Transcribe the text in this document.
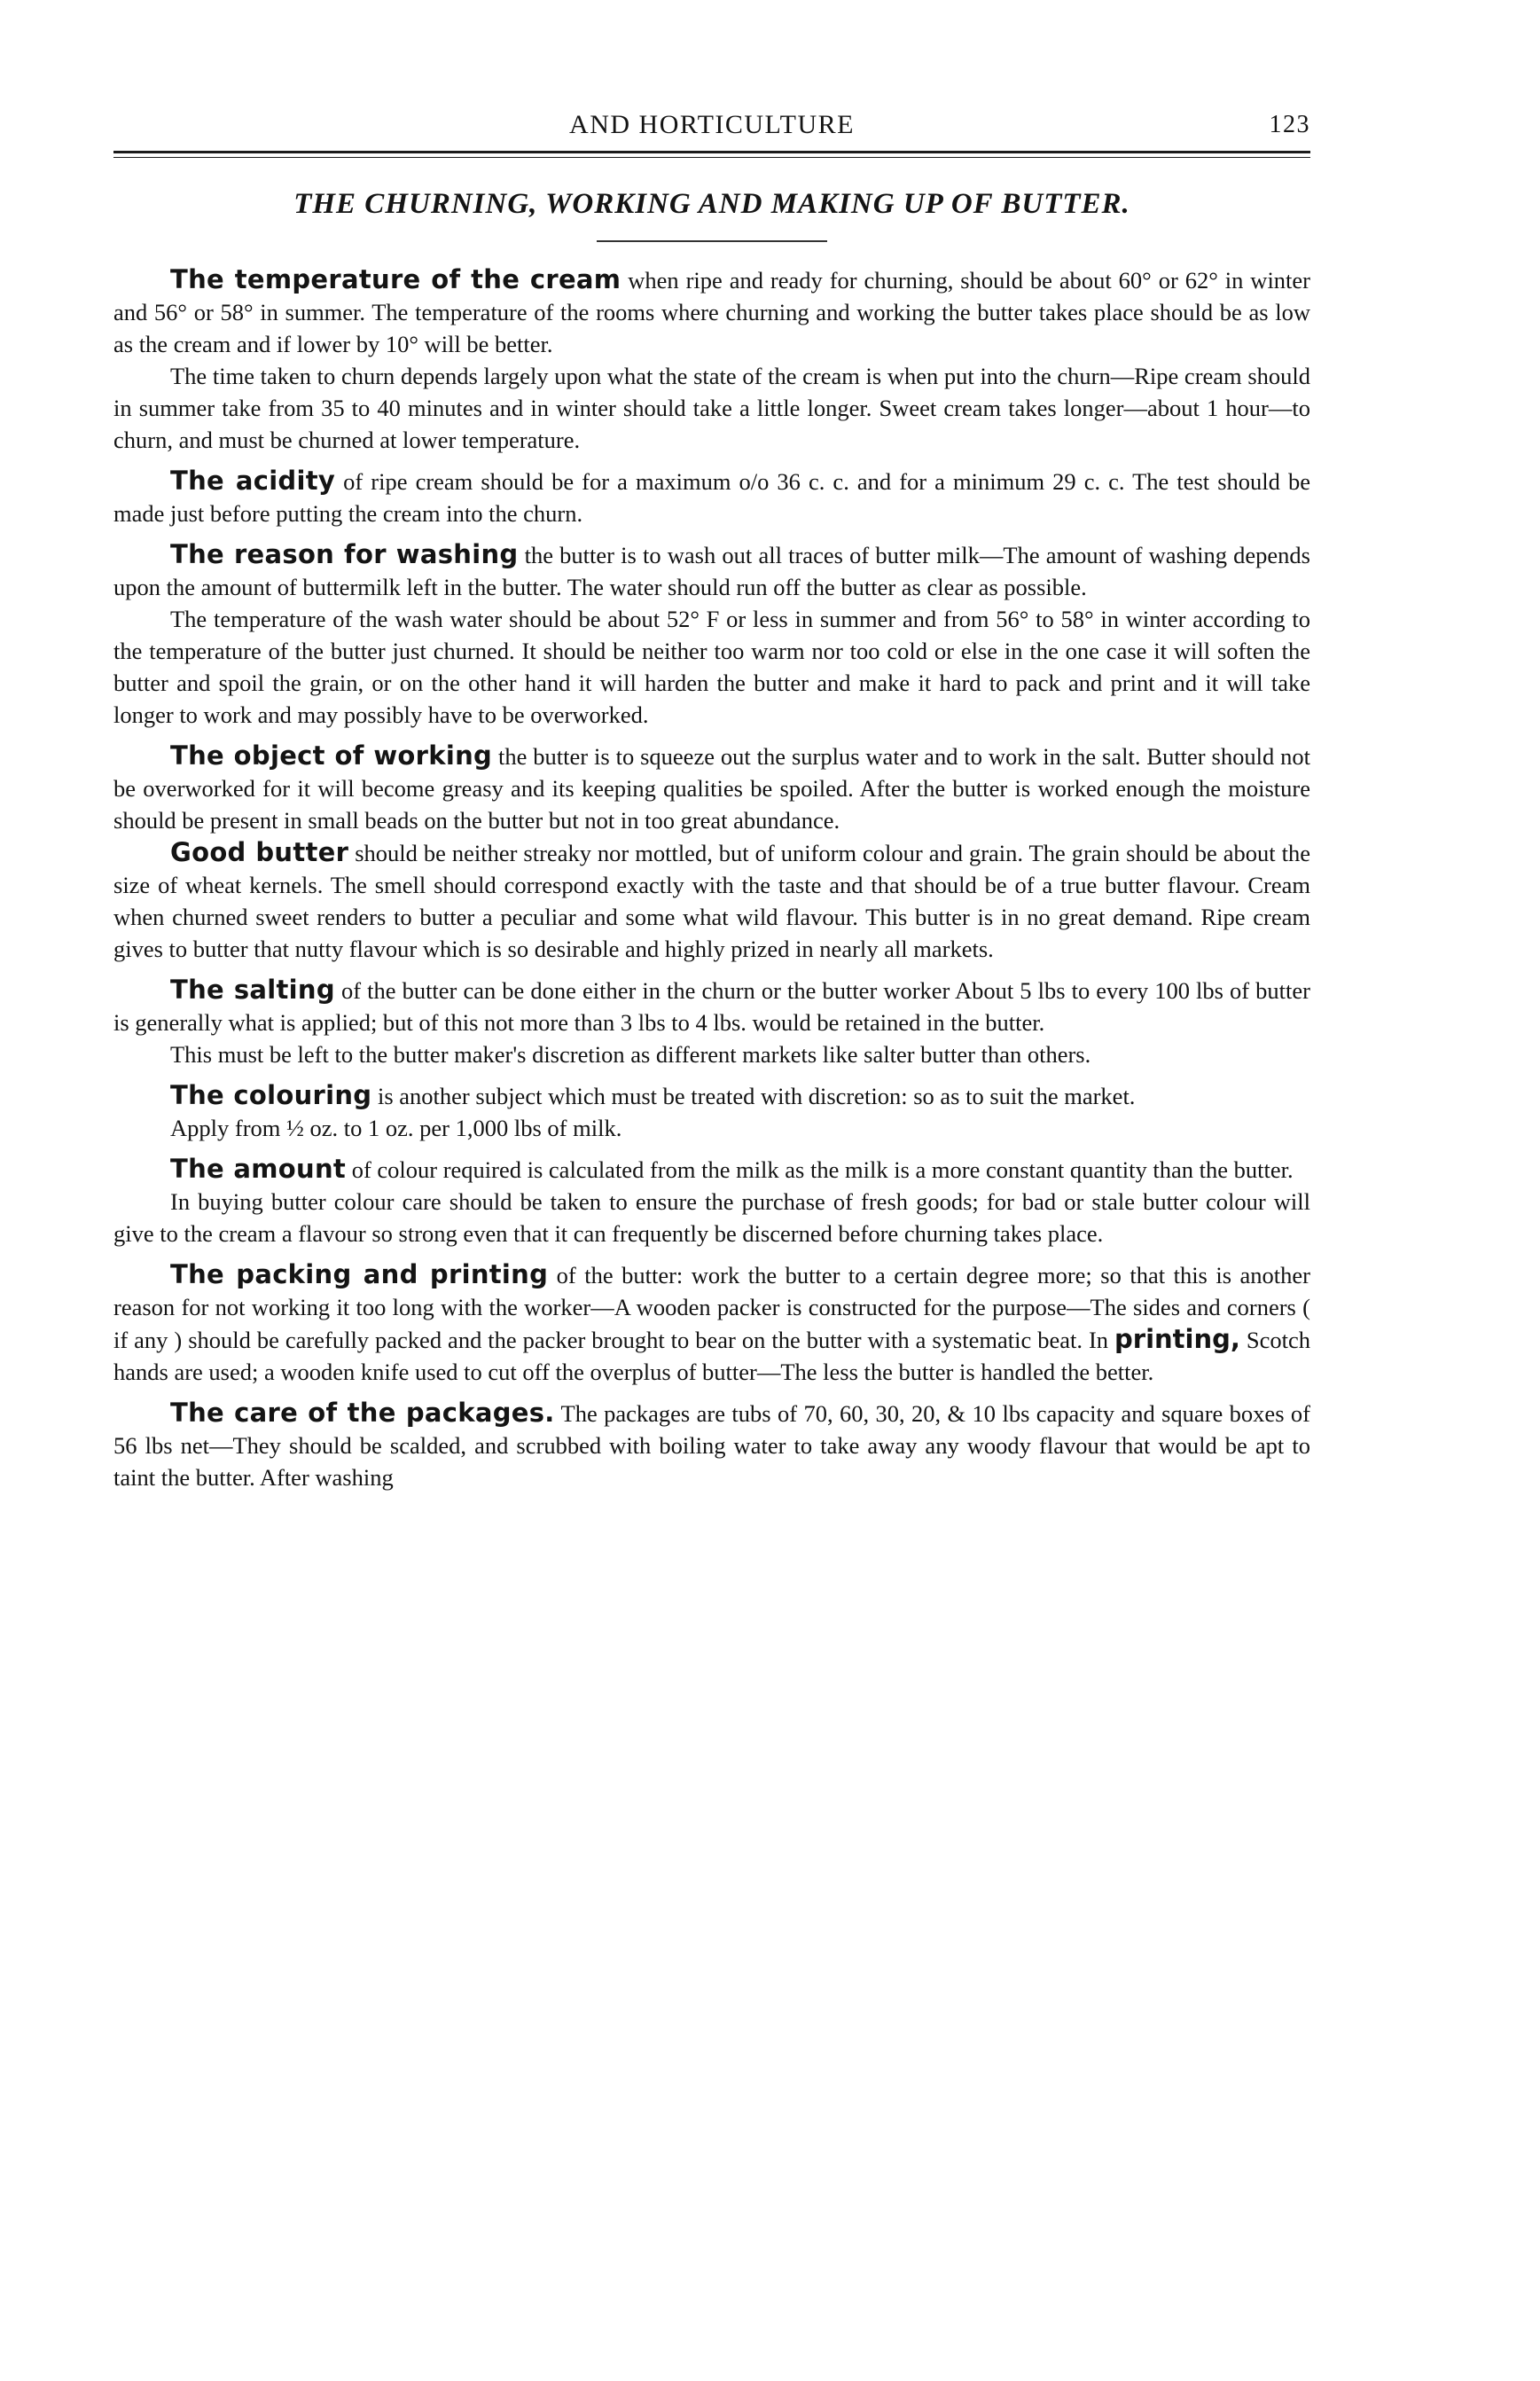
AND HORTICULTURE	123
THE CHURNING, WORKING AND MAKING UP OF BUTTER.

The temperature of the cream when ripe and ready for churning, should be about 60° or 62° in winter and 56° or 58° in summer. The temperature of the rooms where churning and working the butter takes place should be as low as the cream and if lower by 10° will be better.

The time taken to churn depends largely upon what the state of the cream is when put into the churn—Ripe cream should in summer take from 35 to 40 minutes and in winter should take a little longer. Sweet cream takes longer—about 1 hour—to churn, and must be churned at lower temperature.

The acidity of ripe cream should be for a maximum o/o 36 c. c. and for a minimum 29 c. c. The test should be made just before putting the cream into the churn.

The reason for washing the butter is to wash out all traces of butter milk—The amount of washing depends upon the amount of buttermilk left in the butter. The water should run off the butter as clear as possible.

The temperature of the wash water should be about 52° F or less in summer and from 56° to 58° in winter according to the temperature of the butter just churned. It should be neither too warm nor too cold or else in the one case it will soften the butter and spoil the grain, or on the other hand it will harden the butter and make it hard to pack and print and it will take longer to work and may possibly have to be overworked.

The object of working the butter is to squeeze out the surplus water and to work in the salt. Butter should not be overworked for it will become greasy and its keeping qualities be spoiled. After the butter is worked enough the moisture should be present in small beads on the butter but not in too great abundance.

Good butter should be neither streaky nor mottled, but of uniform colour and grain. The grain should be about the size of wheat kernels. The smell should correspond exactly with the taste and that should be of a true butter flavour. Cream when churned sweet renders to butter a peculiar and some what wild flavour. This butter is in no great demand. Ripe cream gives to butter that nutty flavour which is so desirable and highly prized in nearly all markets.

The salting of the butter can be done either in the churn or the butter worker About 5 lbs to every 100 lbs of butter is generally what is applied; but of this not more than 3 lbs to 4 lbs. would be retained in the butter.

This must be left to the butter maker's discretion as different markets like salter butter than others.

The colouring is another subject which must be treated with discretion: so as to suit the market.

Apply from ½ oz. to 1 oz. per 1,000 lbs of milk.

The amount of colour required is calculated from the milk as the milk is a more constant quantity than the butter.

In buying butter colour care should be taken to ensure the purchase of fresh goods; for bad or stale butter colour will give to the cream a flavour so strong even that it can frequently be discerned before churning takes place.

The packing and printing of the butter: work the butter to a certain degree more; so that this is another reason for not working it too long with the worker—A wooden packer is constructed for the purpose—The sides and corners ( if any ) should be carefully packed and the packer brought to bear on the butter with a systematic beat. In printing, Scotch hands are used; a wooden knife used to cut off the overplus of butter—The less the butter is handled the better.

The care of the packages. The packages are tubs of 70, 60, 30, 20, & 10 lbs capacity and square boxes of 56 lbs net—They should be scalded, and scrubbed with boiling water to take away any woody flavour that would be apt to taint the butter. After washing
